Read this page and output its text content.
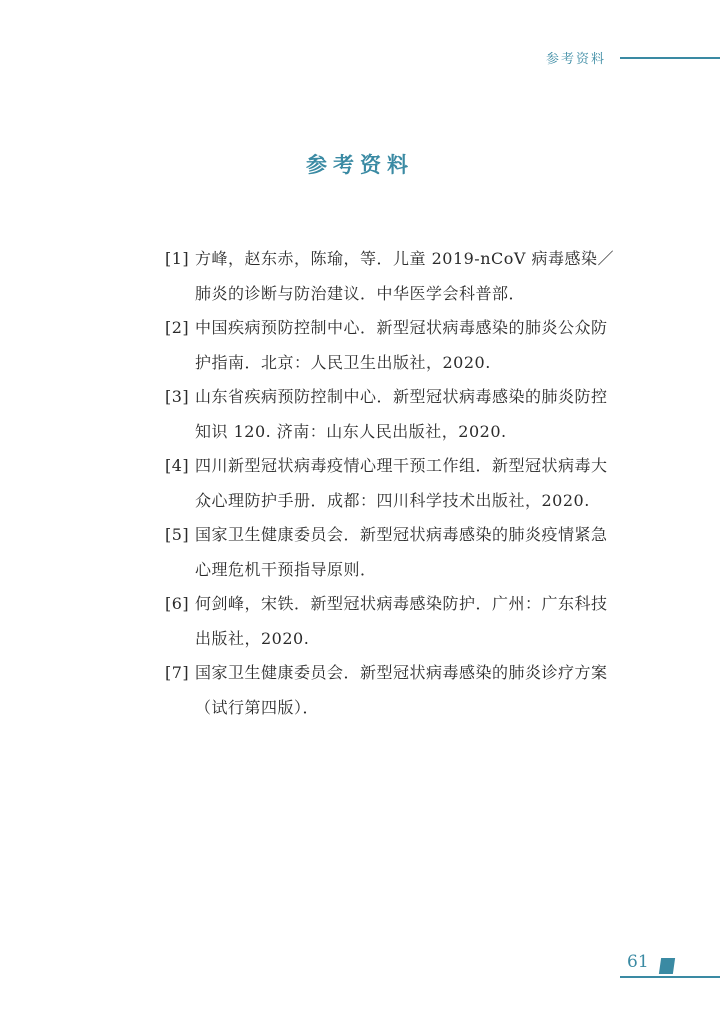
参考资料
参考资料
[1] 方峰，赵东赤，陈瑜，等．儿童 2019-nCoV 病毒感染／肺炎的诊断与防治建议．中华医学会科普部．
[2] 中国疾病预防控制中心．新型冠状病毒感染的肺炎公众防护指南．北京：人民卫生出版社，2020.
[3] 山东省疾病预防控制中心．新型冠状病毒感染的肺炎防控知识 120. 济南：山东人民出版社，2020.
[4] 四川新型冠状病毒疫情心理干预工作组．新型冠状病毒大众心理防护手册．成都：四川科学技术出版社，2020.
[5] 国家卫生健康委员会．新型冠状病毒感染的肺炎疫情紧急心理危机干预指导原则．
[6] 何剑峰，宋铁．新型冠状病毒感染防护．广州：广东科技出版社，2020.
[7] 国家卫生健康委员会．新型冠状病毒感染的肺炎诊疗方案（试行第四版）．
61
